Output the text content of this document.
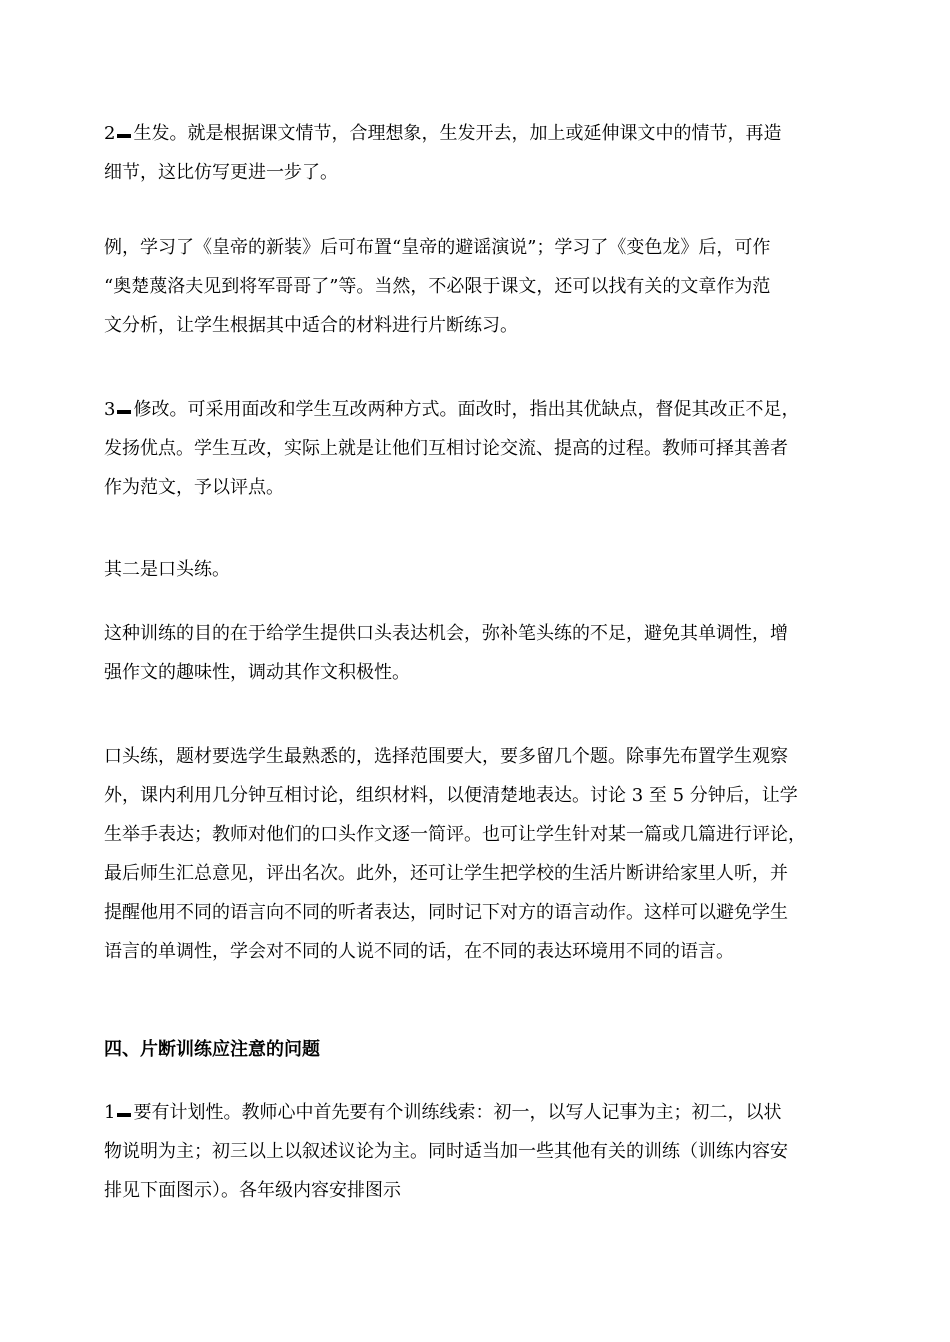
2 生发。就是根据课文情节，合理想象，生发开去，加上或延伸课文中的情节，再造
细节，这比仿写更进一步了。
例，学习了《皇帝的新装》后可布置“皇帝的避谣演说”；学习了《变色龙》后，可作
“奥楚蔑洛夫见到将军哥哥了”等。当然，不必限于课文，还可以找有关的文章作为范
文分析，让学生根据其中适合的材料进行片断练习。
3 修改。可采用面改和学生互改两种方式。面改时，指出其优缺点，督促其改正不足，
发扬优点。学生互改，实际上就是让他们互相讨论交流、提高的过程。教师可择其善者
作为范文，予以评点。
其二是口头练。
这种训练的目的在于给学生提供口头表达机会，弥补笔头练的不足，避免其单调性，增
强作文的趣味性，调动其作文积极性。
口头练，题材要选学生最熟悉的，选择范围要大，要多留几个题。除事先布置学生观察
外，课内利用几分钟互相讨论，组织材料，以便清楚地表达。讨论 3 至 5 分钟后，让学
生举手表达；教师对他们的口头作文逐一简评。也可让学生针对某一篇或几篇进行评论，
最后师生汇总意见，评出名次。此外，还可让学生把学校的生活片断讲给家里人听，并
提醒他用不同的语言向不同的听者表达，同时记下对方的语言动作。这样可以避免学生
语言的单调性，学会对不同的人说不同的话，在不同的表达环境用不同的语言。
四、片断训练应注意的问题
1 要有计划性。教师心中首先要有个训练线索：初一，以写人记事为主；初二，以状
物说明为主；初三以上以叙述议论为主。同时适当加一些其他有关的训练（训练内容安
排见下面图示）。各年级内容安排图示
